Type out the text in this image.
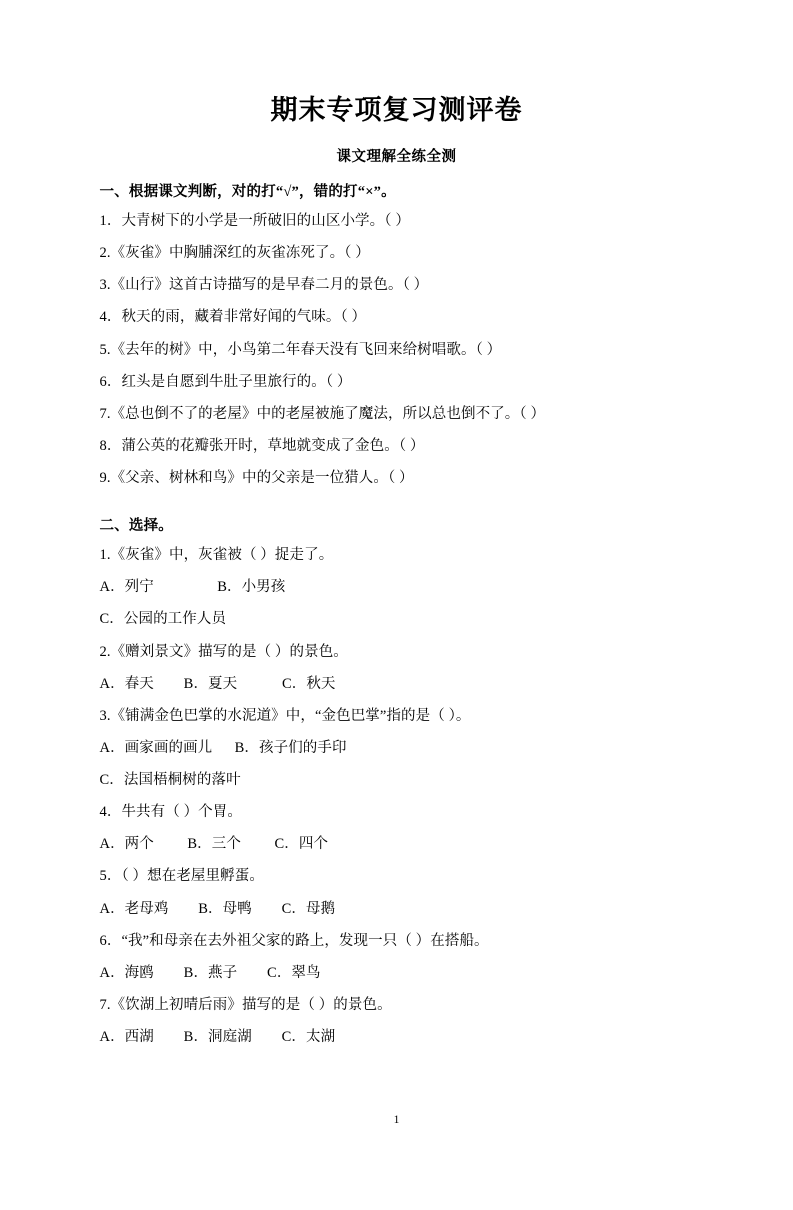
期末专项复习测评卷
课文理解全练全测
一、根据课文判断，对的打“√”，错的打“×”。

1．大青树下的小学是一所破旧的山区小学。（ ）

2.《灰雀》中胸脯深红的灰雀冻死了。（ ）

3.《山行》这首古诗描写的是早春二月的景色。（ ）

4．秋天的雨，藏着非常好闻的气味。（ ）

5.《去年的树》中，小鸟第二年春天没有飞回来给树唱歌。（ ）

6．红头是自愿到牛肚子里旅行的。（ ）

7.《总也倒不了的老屋》中的老屋被施了魔法，所以总也倒不了。（ ）

8．蒲公英的花瓣张开时，草地就变成了金色。（ ）

9.《父亲、树林和鸟》中的父亲是一位猎人。（ ）

二、选择。

1.《灰雀》中，灰雀被（ ）捉走了。

A．列宁                 B．小男孩

C．公园的工作人员

2.《赠刘景文》描写的是（ ）的景色。

A．春天        B．夏天            C．秋天

3.《铺满金色巴掌的水泥道》中，“金色巴掌”指的是（ ）。

A．画家画的画儿      B．孩子们的手印

C．法国梧桐树的落叶

4．牛共有（ ）个胃。

A．两个         B．三个         C．四个

5．（ ）想在老屋里孵蛋。

A．老母鸡        B．母鸭        C．母鹅

6．“我”和母亲在去外祖父家的路上，发现一只（ ）在搭船。

A．海鸥        B．燕子        C．翠鸟

7.《饮湖上初晴后雨》描写的是（ ）的景色。

A．西湖        B．洞庭湖        C．太湖

1
